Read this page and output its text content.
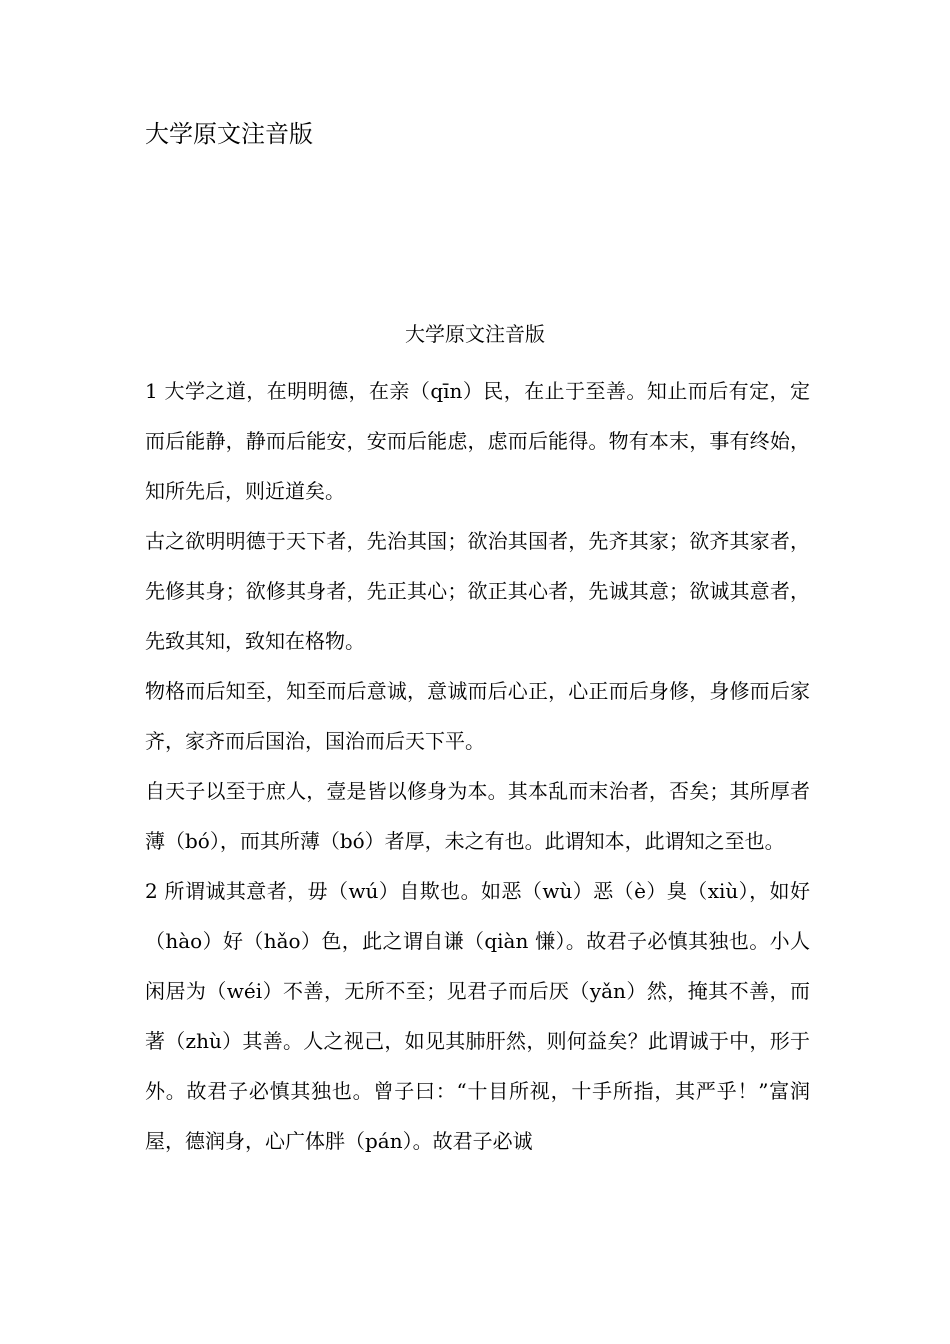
大学原文注音版
大学原文注音版

1 大学之道，在明明德，在亲（qīn）民，在止于至善。知止而后有定，定而后能静，静而后能安，安而后能虑，虑而后能得。物有本末，事有终始，知所先后，则近道矣。

古之欲明明德于天下者，先治其国；欲治其国者，先齐其家；欲齐其家者，先修其身；欲修其身者，先正其心；欲正其心者，先诚其意；欲诚其意者，先致其知，致知在格物。

物格而后知至，知至而后意诚，意诚而后心正，心正而后身修，身修而后家齐，家齐而后国治，国治而后天下平。

自天子以至于庶人，壹是皆以修身为本。其本乱而末治者，否矣；其所厚者薄（bó），而其所薄（bó）者厚，未之有也。此谓知本，此谓知之至也。

2 所谓诚其意者，毋（wú）自欺也。如恶（wù）恶（è）臭（xiù），如好（hào）好（hǎo）色，此之谓自谦（qiàn 慊）。故君子必慎其独也。小人闲居为（wéi）不善，无所不至；见君子而后厌（yǎn）然，掩其不善，而著（zhù）其善。人之视己，如见其肺肝然，则何益矣？此谓诚于中，形于外。故君子必慎其独也。曾子曰：“十目所视，十手所指，其严乎！”富润屋，德润身，心广体胖（pán）。故君子必诚
